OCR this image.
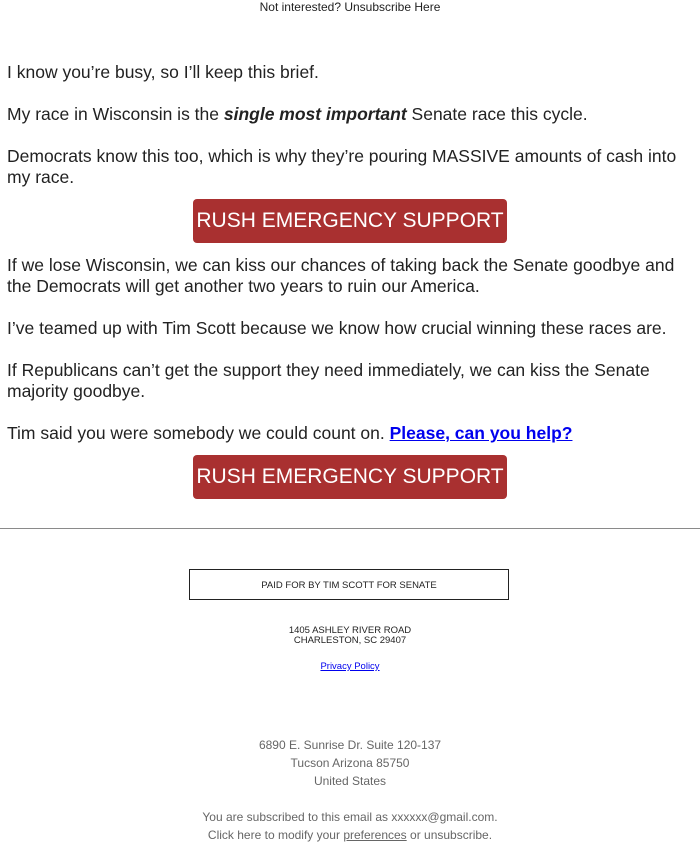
Not interested? Unsubscribe Here

I know you’re busy, so I’ll keep this brief.

My race in Wisconsin is the single most important Senate race this cycle.

Democrats know this too, which is why they’re pouring MASSIVE amounts of cash into my race.

RUSH EMERGENCY SUPPORT

If we lose Wisconsin, we can kiss our chances of taking back the Senate goodbye and the Democrats will get another two years to ruin our America.

I’ve teamed up with Tim Scott because we know how crucial winning these races are.

If Republicans can’t get the support they need immediately, we can kiss the Senate majority goodbye.

Tim said you were somebody we could count on. Please, can you help?

RUSH EMERGENCY SUPPORT
PAID FOR BY TIM SCOTT FOR SENATE
1405 ASHLEY RIVER ROAD
CHARLESTON, SC 29407
Privacy Policy
6890 E. Sunrise Dr. Suite 120-137
Tucson Arizona 85750
United States
You are subscribed to this email as xxxxxx@gmail.com.
Click here to modify your preferences or unsubscribe.
